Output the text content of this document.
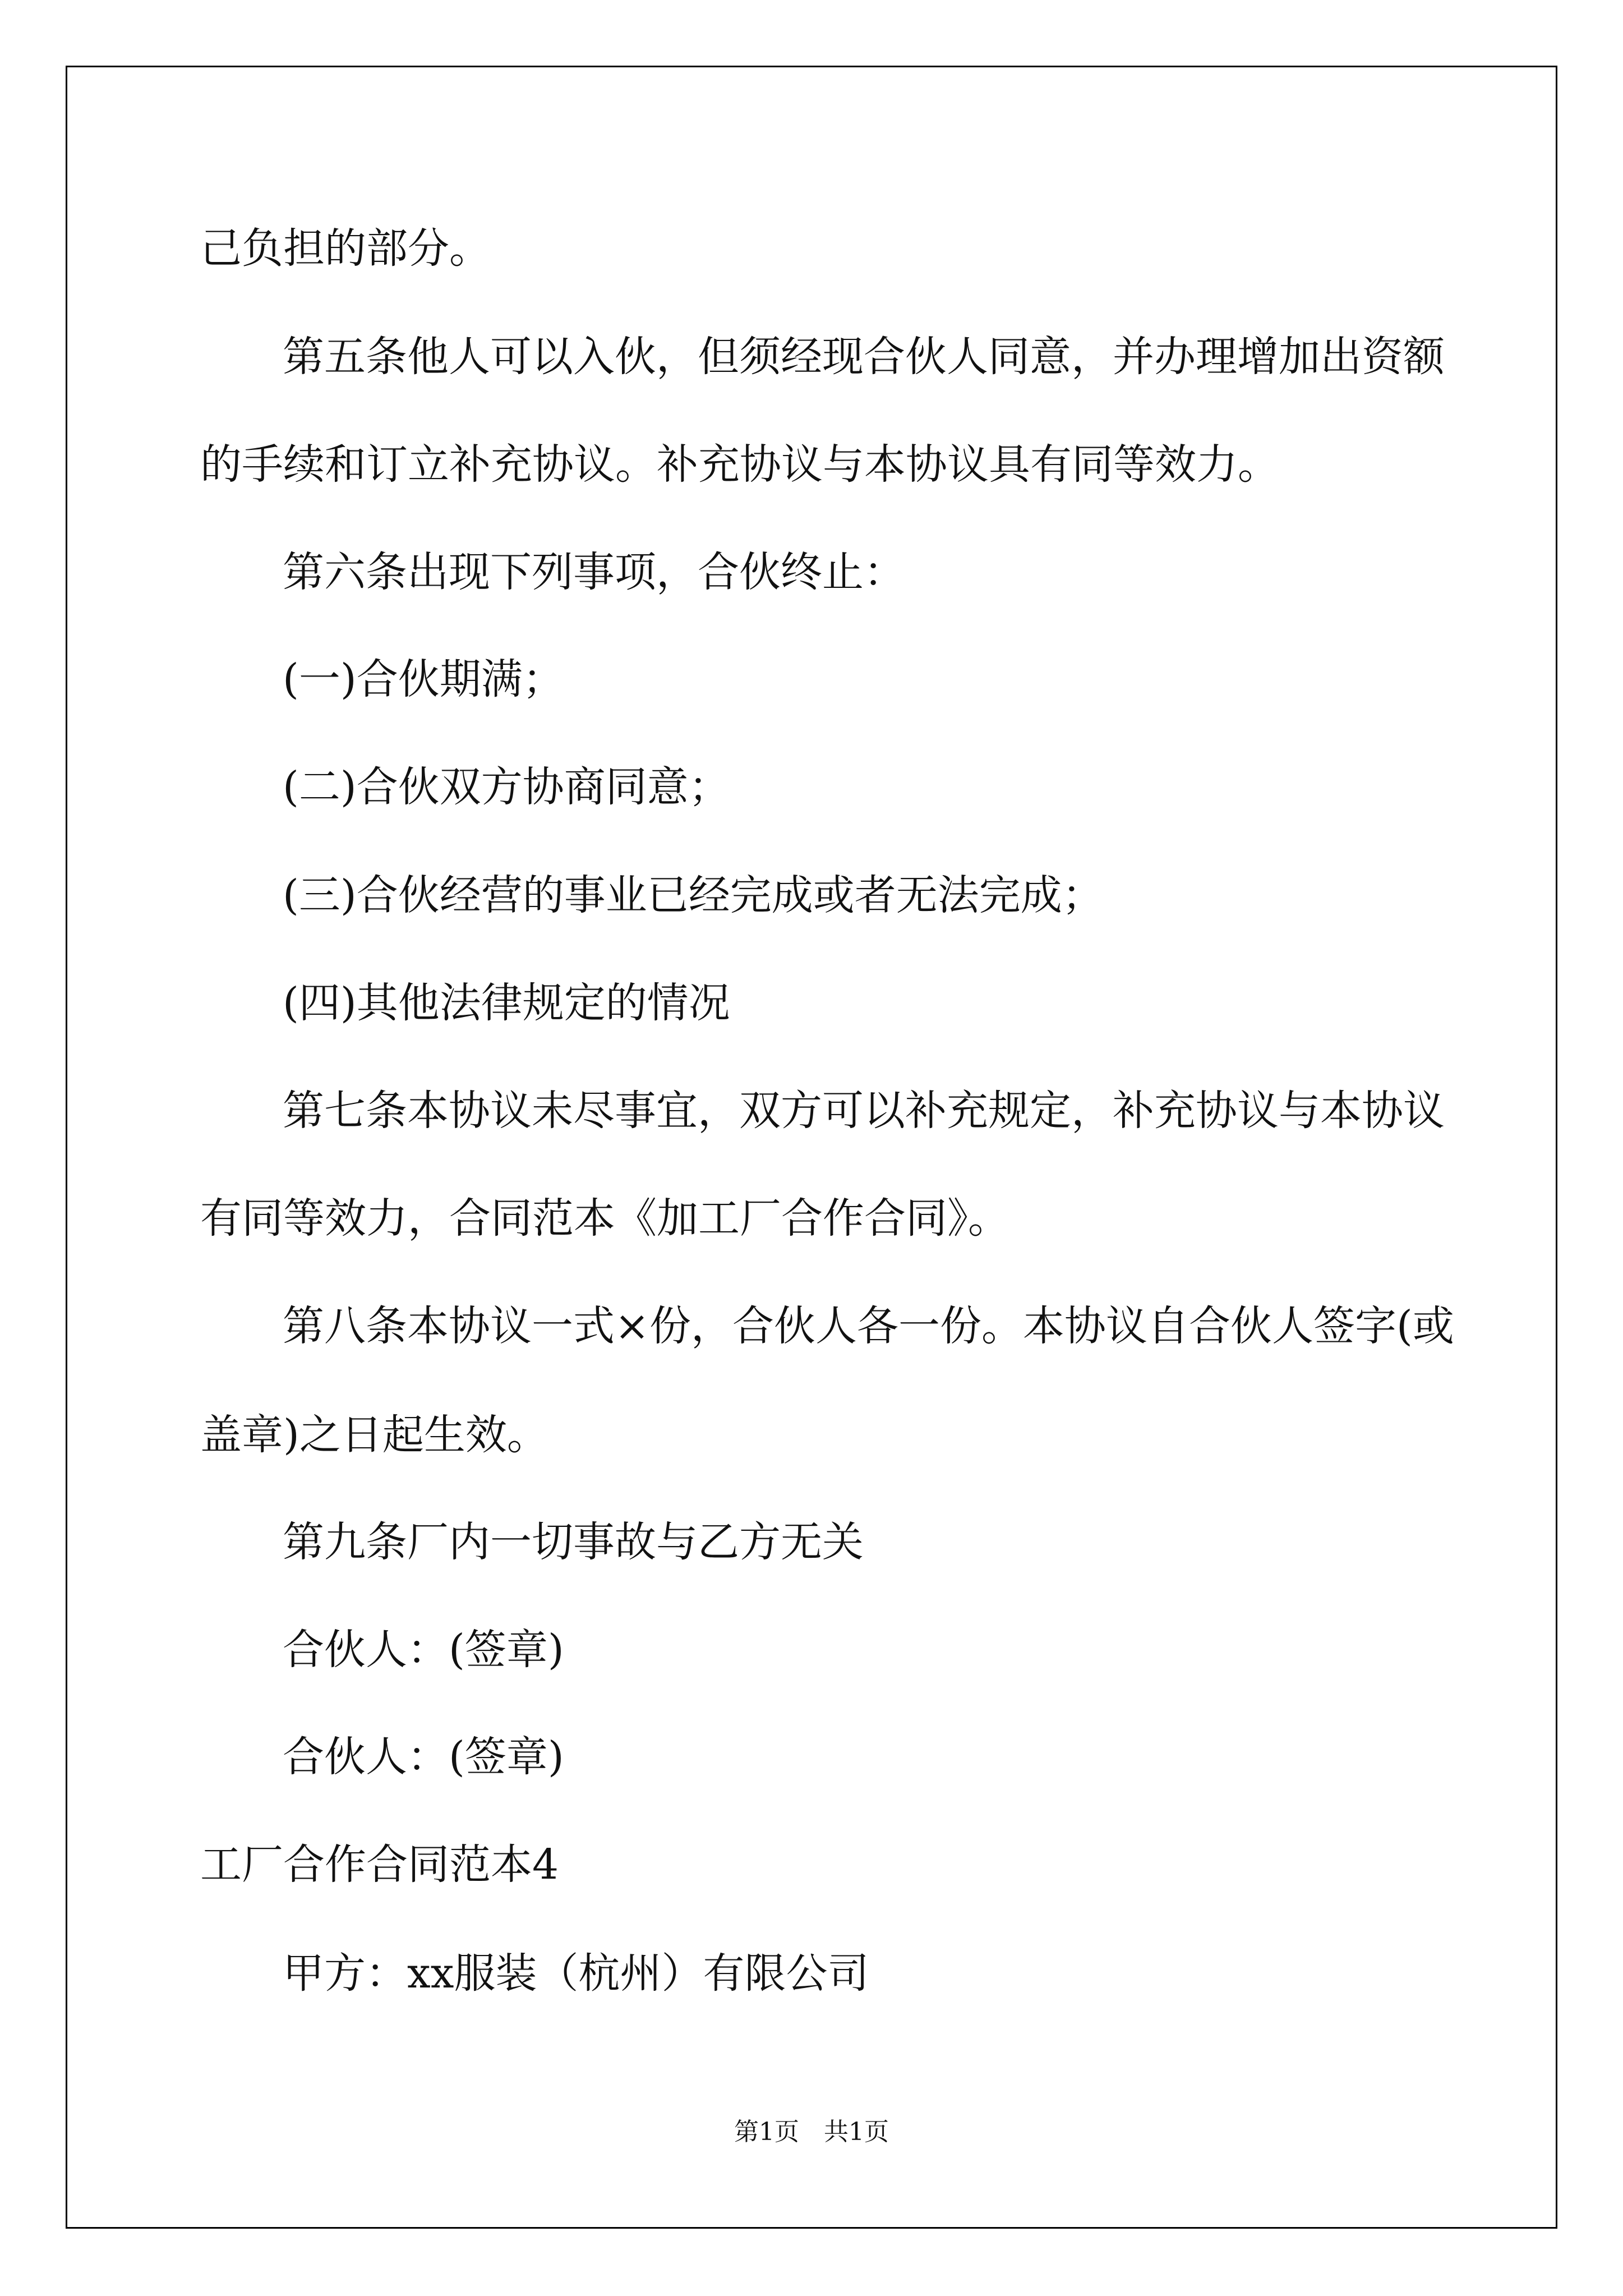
己负担的部分。
第五条他人可以入伙，但须经现合伙人同意，并办理增加出资额
的手续和订立补充协议。补充协议与本协议具有同等效力。
第六条出现下列事项，合伙终止：
(一)合伙期满；
(二)合伙双方协商同意；
(三)合伙经营的事业已经完成或者无法完成；
(四)其他法律规定的情况
第七条本协议未尽事宜，双方可以补充规定，补充协议与本协议
有同等效力，合同范本《加工厂合作合同》。
第八条本协议一式×份，合伙人各一份。本协议自合伙人签字(或
盖章)之日起生效。
第九条厂内一切事故与乙方无关
合伙人：(签章)
合伙人：(签章)
工厂合作合同范本4
甲方：xx服装（杭州）有限公司
第1页　共1页
